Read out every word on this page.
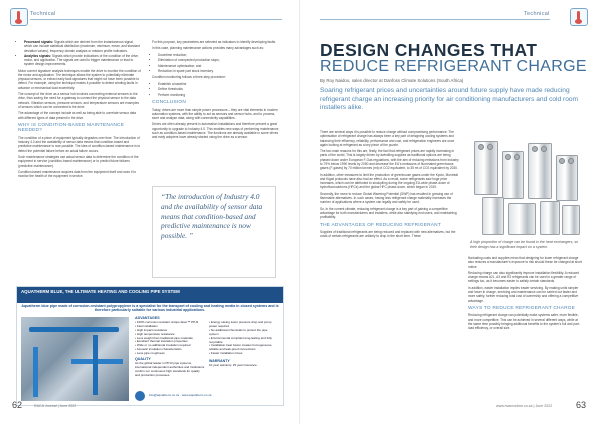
Technical
• Processed signals: Signals which are derived from the instantaneous signal, which can include statistical distribution (maximum, minimum, mean, and standard deviation values), frequency domain analysis or mission profile indicators.
• Analytics signals: Signals which provide indications of the condition of the drive, motor, and application. The signals are used to trigger maintenance or lead to system design improvements.

Motor current signature analysis techniques enable the drive to monitor the condition of the motor and application. The technique allows the system to potentially eliminate physical sensors, or extract early fault signatures that might not have been possible to detect. For example, using the technique makes it possible to detect winding faults in advance or mechanical load eccentricity.

The concept of the drive as a sensor hub involves connecting external sensors to the drive, thus saving the need for a gateway to connect the physical sensor to the data network. Vibration sensors, pressure sensors, and temperature sensors are examples of sensors which can be connected to the drive.

The advantage of the concept include as well as being able to correlate sensor data with different types of data present in the drive.

WHY IS CONDITION-BASED MAINTENANCE NEEDED?

The condition of a piece of equipment typically degrades over time. The introduction of Industry 4.0 and the availability of sensor data means that condition-based and predictive maintenance is now possible. The idea of condition-based maintenance is to detect the potential failure before an actual failure occurs.

Such maintenance strategies use actual sensor data to determine the condition of the equipment in service (condition-based maintenance) or to predict future failures (predictive maintenance).

Condition-based maintenance acquires data from the equipment itself and uses it to monitor the health of the equipment in service.

For this purpose, key parameters are selected as indicators to identify developing faults.

In this case, planning maintenance actions provides many advantages such as:

• Downtime reduction;
• Elimination of unexpected production stops;
• Maintenance optimisation; and
• Reduction in spare part stock inventory.

Condition monitoring follows a three-step procedure:

• Establish a baseline
• Define thresholds
• Perform monitoring
CONCLUSION

Today, drives are more than simple power processors – they are vital elements in modern automation systems, with the ability to act as sensors and sensor hubs, and to process, store and analyse data, along with connectivity capabilities.

Drives are often already present in automation installations and therefore present a great opportunity to upgrade to Industry 4.0. This enables new ways of performing maintenance, such as condition-based maintenance. The functions are already available in some drives and early adopters have already started using the drive as a sensor.

“The introduction of Industry 4.0 and the availability of sensor data means that condition-based and predictive maintenance is now possible. ”
AQUATHERM BLUE, THE ULTIMATE HEATING AND COOLING PIPE SYSTEM
Aquatherm blue pipe made of corrosion-resistant polypropylene is a specialist for the transport of cooling and heating media in closed systems and is therefore particularly suitable for various industrial applications.
ADVANTAGES
• 100% corrosion resistant unique faser™ PP-R
• Fast installation
• High impact resistance
• High temperature resistance
• Less weight than traditional pipe materials
• Excellent thermal insulation properties
• Wide or no additional insulation required
• Acoustic insulation characteristics
• Less pipe roughness
QUALITY
As the global leader in PP-R pipe systems, international independent authorities and institutions confirm our continuous high standards for quality and production processes.
• Energy saving lower pressure drop and pump
power required
• No additional chemicals to protect the pipe
system
• Environmental compliant long-lasting and fully
recyclable
• Installation-heat fusion creates homogeneous,
reliable and leak-proof connections
• Faster installation times
WARRANTY
10 year warranty. 25 year insurance.
info@aquatherm.co.za · www.aquatherm.co.za
62	RACA Journal | June 2022
Technical
DESIGN CHANGES THAT
REDUCE REFRIGERANT CHARGE
By Roy Naidoo, sales director at Danfoss Climate Solutions (South Africa)
Soaring refrigerant prices and uncertainties around future supply have made reducing refrigerant charge an increasing priority for air conditioning manufacturers and cold room installers alike.

There are several ways it is possible to reduce charge without compromising performance. The optimisation of refrigerant charge has always been a key part of designing cooling systems and balancing their efficiency, reliability, performance and cost, and refrigeration engineers are once again looking at refrigerant as a key piece of the puzzle.

The two main reasons for this are, firstly, the fact that refrigerant prices are rapidly increasing in parts of the world. This is largely driven by dwindling supplies as traditional options are being phased down under European F-Gas regulations, with the aim of reducing emissions from industry to 79% below 1990 levels by 2050 and decrease the EU's emissions of fluorinated greenhouse gases (F-gases) by 70 million tonnes (mt) of CO2 equivalent, to 35 mt of CO2 equivalent by 2030.

In addition, other measures to limit the production of greenhouse gases under the Kyoto, Montreal and Kigali protocols have also had an effect. As a result, some refrigerants saw huge price increases, which can be attributed to stockpiling during the ongoing EU-wide phase-down of hydrofluorocarbons (HFCs) and the global HFC phase-down, which began in 2019.

Secondly, the move to reduce Global Warming Potential (GWP) has resulted in growing use of flammable alternatives. In such cases, having less refrigerant charge materially increases the number of applications where a system can legally and safely be used.

So, in the current climate, reducing refrigerant charge is a key part of gaining a competitive advantage for both manufacturers and installers, while also satisfying end users, and maintaining profitability.

THE ADVANTAGES OF REDUCING REFRIGERANT

Supplies of traditional refrigerants are being reduced and replaced with new alternatives, but the costs of certain refrigerants are unlikely to drop in the short term. These

A high proportion of charge can be found in the heat exchangers, so their design has a significant impact on a system.

fluctuating costs and supplies mean that designing for lower refrigerant charge also reduces a manufacturer's exposure to risk should these be changed at short notice.

Reducing charge can also significantly improve installation flexibility. A reduced charge means A2L, A3 and R2 refrigerants can be used in a greater range of settings too, as it becomes easier to satisfy certain standards.

In addition, easier installation implies easier servicing. By making units simpler and lower in charge, servicing and maintenance can be carried out faster and more safely, further reducing total cost of ownership and offering a competitive advantage.

WAYS TO REDUCE REFRIGERANT CHARGE

Reducing refrigerant charge can potentially make systems safer, more flexible, and more competitive. This can be achieved in several different ways, while at the same time possibly bringing additional benefits to the system's full and part-load efficiency, or overall size.

www.hvacronline.co.za | June 2022	63
